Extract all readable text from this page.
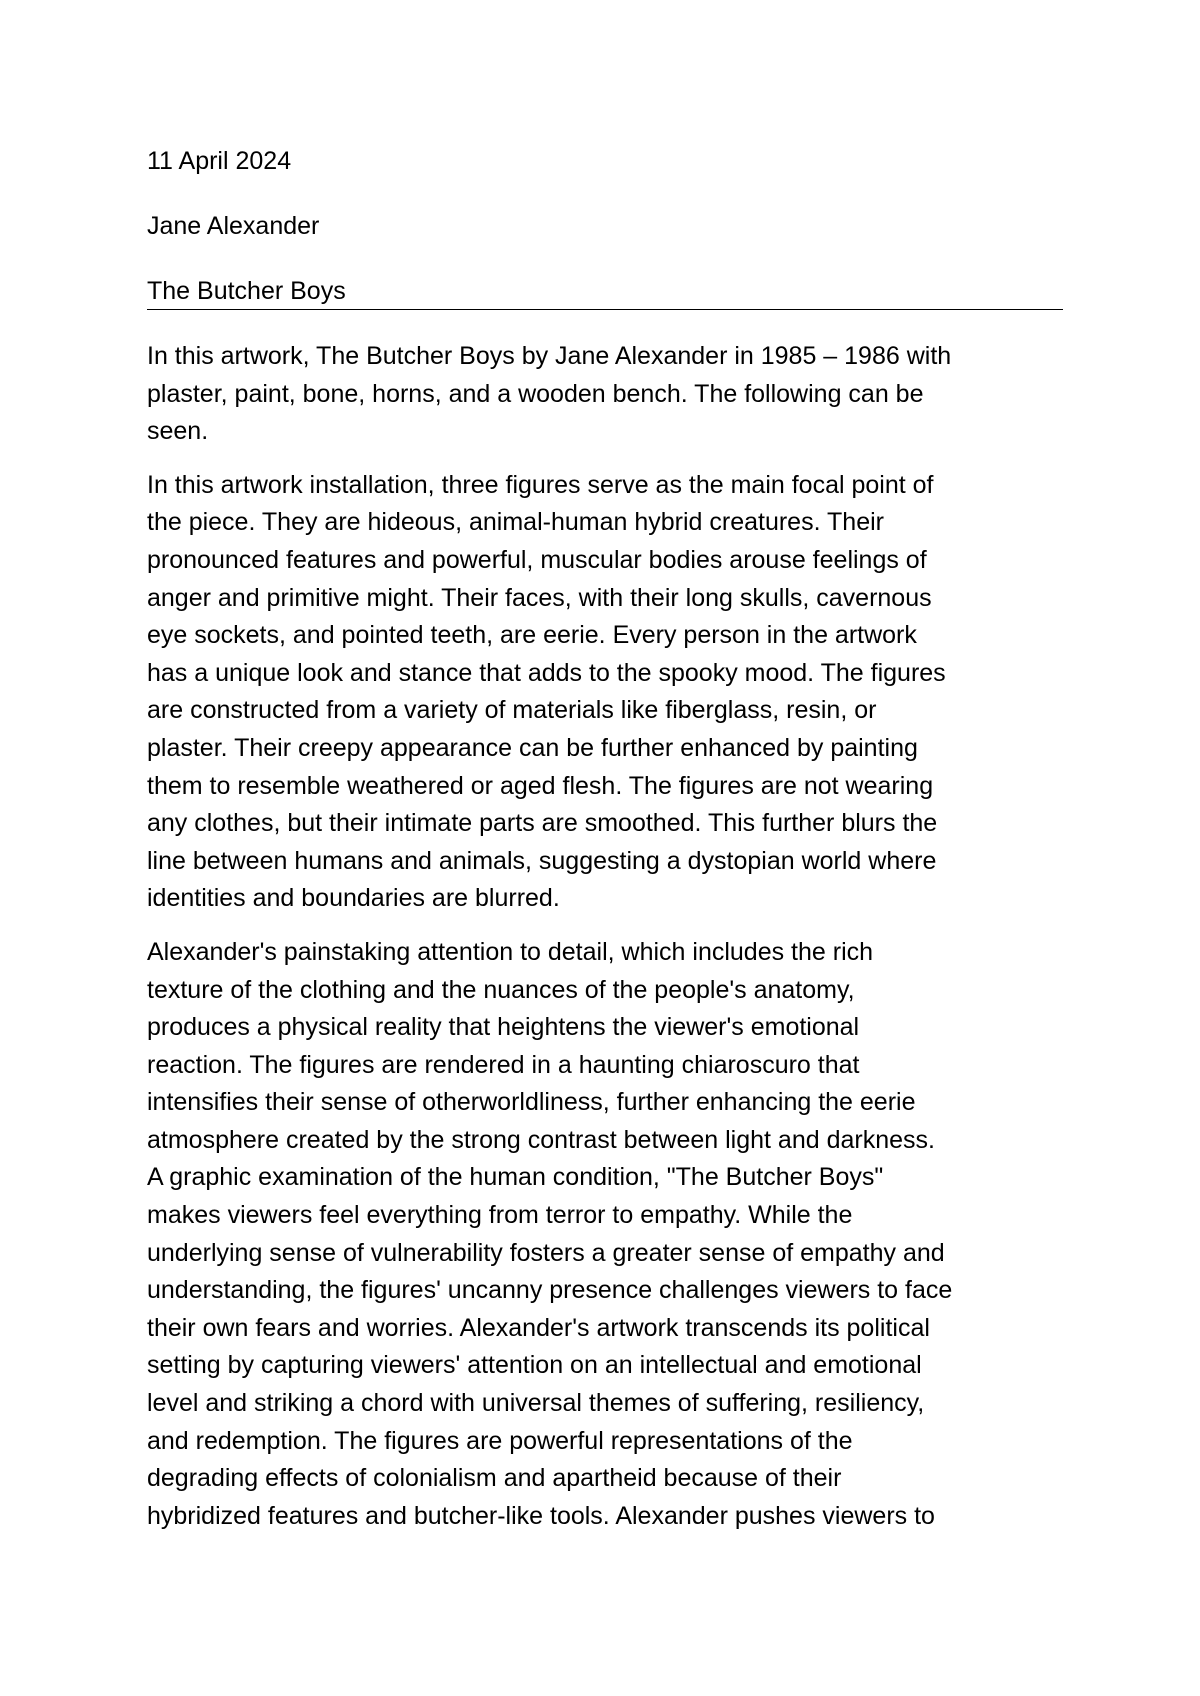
11 April 2024

Jane Alexander

The Butcher Boys

In this artwork, The Butcher Boys by Jane Alexander in 1985 – 1986 with
plaster, paint, bone, horns, and a wooden bench. The following can be
seen.
In this artwork installation, three figures serve as the main focal point of
the piece. They are hideous, animal-human hybrid creatures. Their
pronounced features and powerful, muscular bodies arouse feelings of
anger and primitive might. Their faces, with their long skulls, cavernous
eye sockets, and pointed teeth, are eerie. Every person in the artwork
has a unique look and stance that adds to the spooky mood. The figures
are constructed from a variety of materials like fiberglass, resin, or
plaster. Their creepy appearance can be further enhanced by painting
them to resemble weathered or aged flesh. The figures are not wearing
any clothes, but their intimate parts are smoothed. This further blurs the
line between humans and animals, suggesting a dystopian world where
identities and boundaries are blurred.
Alexander's painstaking attention to detail, which includes the rich
texture of the clothing and the nuances of the people's anatomy,
produces a physical reality that heightens the viewer's emotional
reaction. The figures are rendered in a haunting chiaroscuro that
intensifies their sense of otherworldliness, further enhancing the eerie
atmosphere created by the strong contrast between light and darkness.
A graphic examination of the human condition, "The Butcher Boys"
makes viewers feel everything from terror to empathy. While the
underlying sense of vulnerability fosters a greater sense of empathy and
understanding, the figures' uncanny presence challenges viewers to face
their own fears and worries. Alexander's artwork transcends its political
setting by capturing viewers' attention on an intellectual and emotional
level and striking a chord with universal themes of suffering, resiliency,
and redemption. The figures are powerful representations of the
degrading effects of colonialism and apartheid because of their
hybridized features and butcher-like tools. Alexander pushes viewers to
